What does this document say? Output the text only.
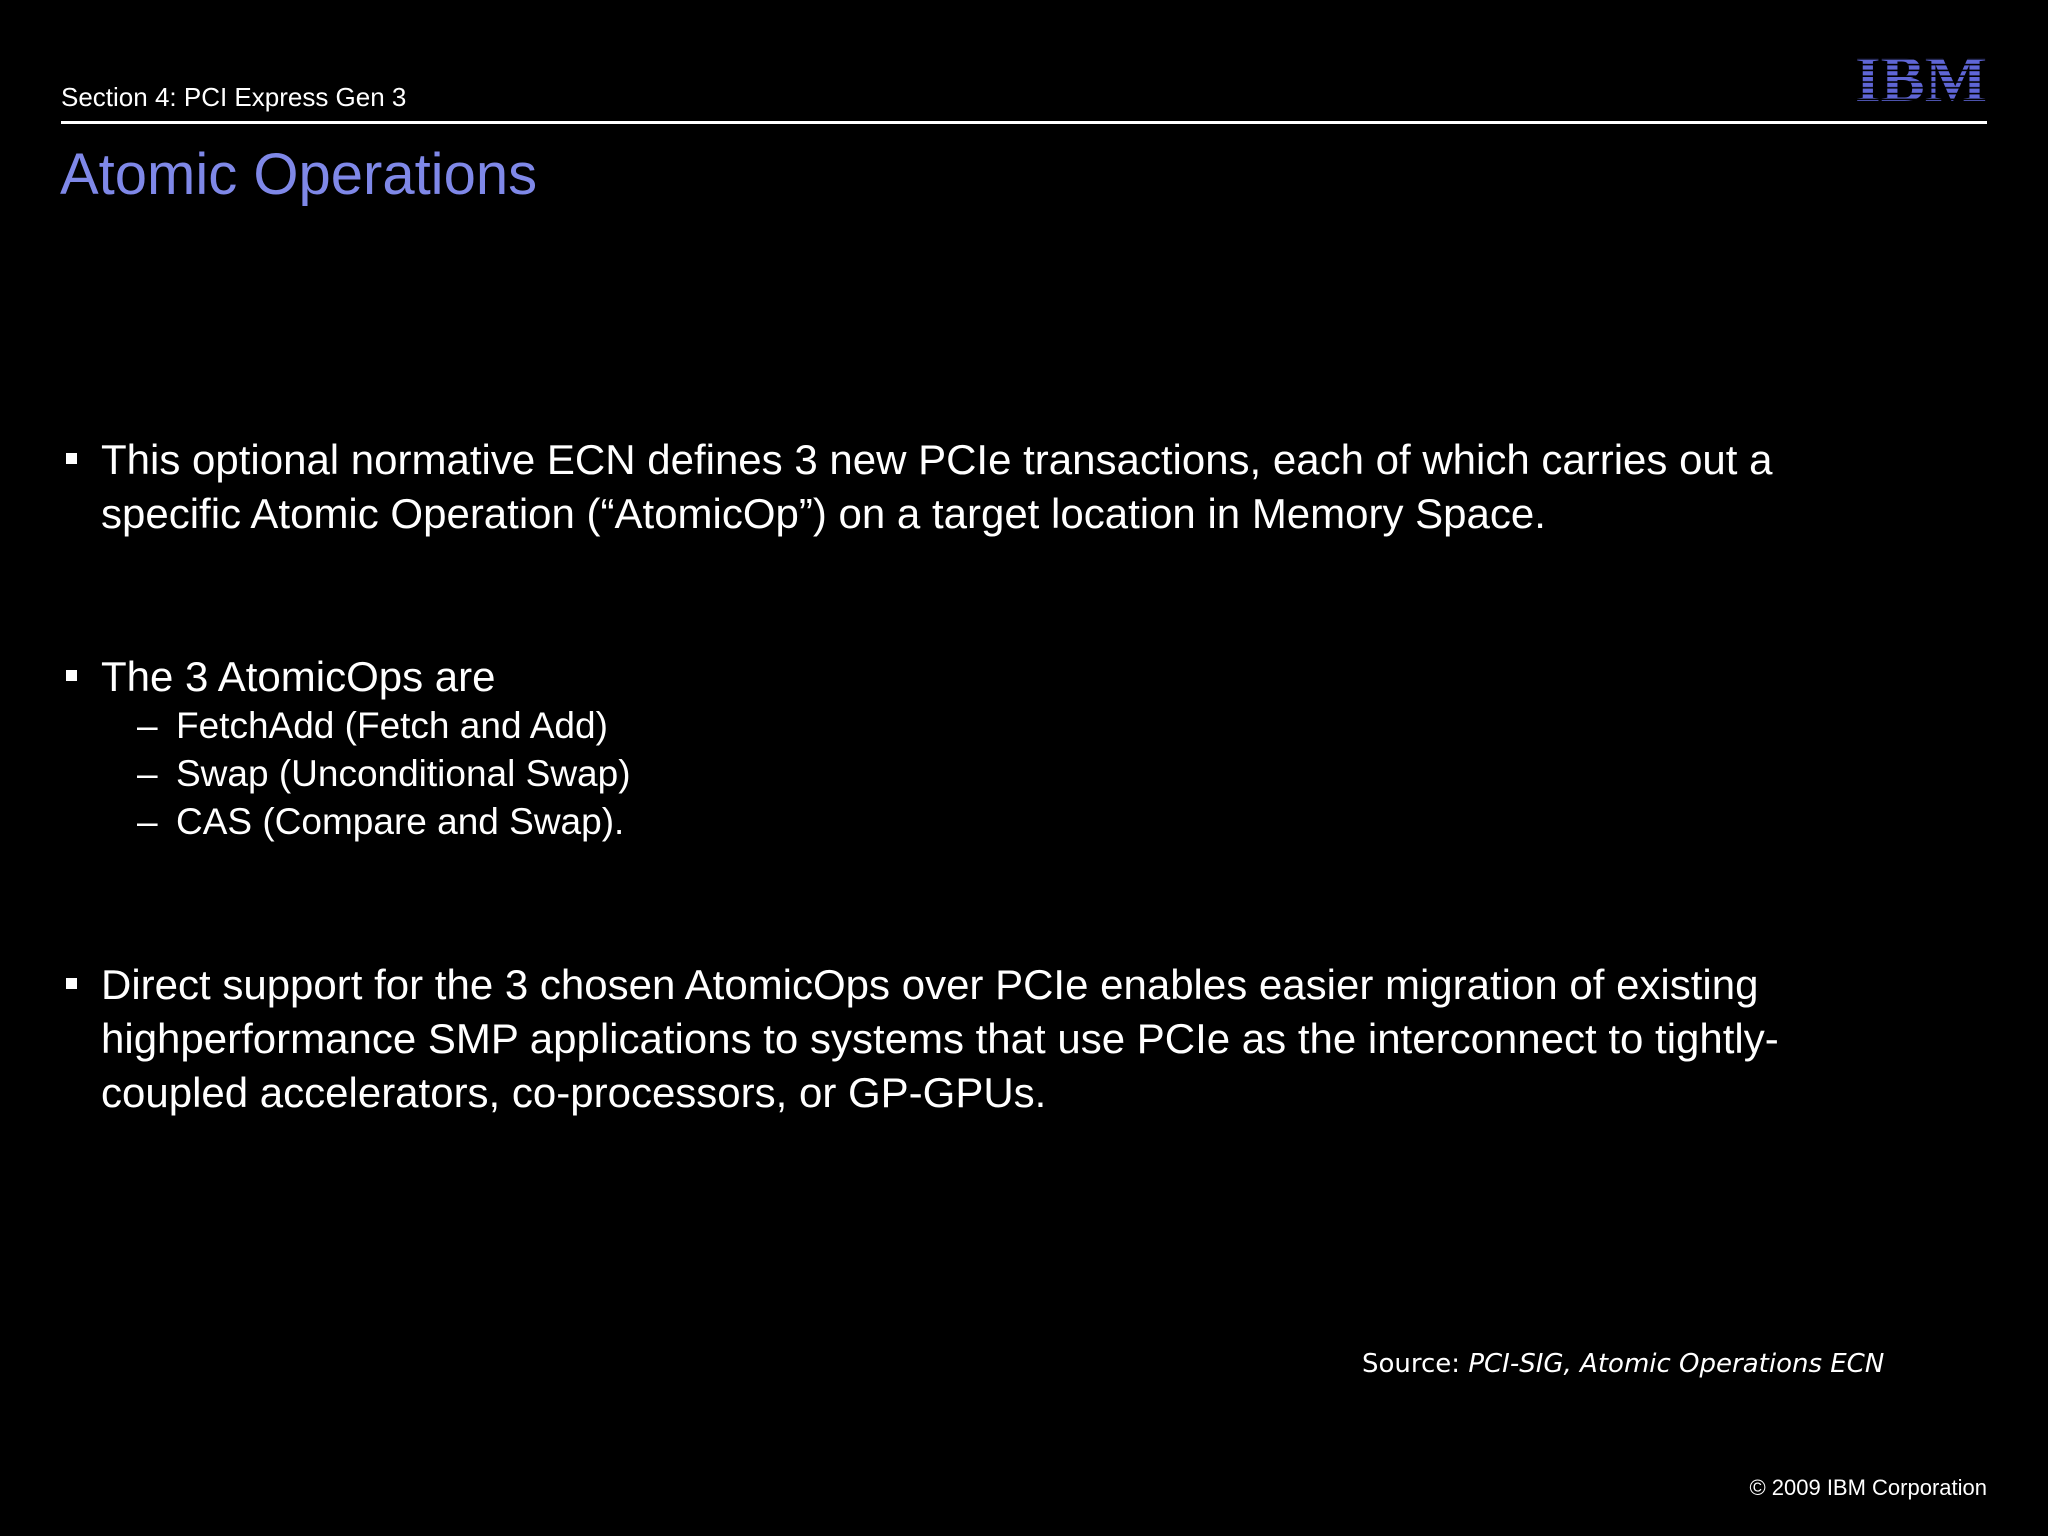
Section 4: PCI Express Gen 3	IBM
Atomic Operations
This optional normative ECN defines 3 new PCIe transactions, each of which carries out a
specific Atomic Operation (“AtomicOp”) on a target location in Memory Space.
The 3 AtomicOps are
– FetchAdd (Fetch and Add)
– Swap (Unconditional Swap)
– CAS (Compare and Swap).
Direct support for the 3 chosen AtomicOps over PCIe enables easier migration of existing
highperformance SMP applications to systems that use PCIe as the interconnect to tightly-
coupled accelerators, co-processors, or GP-GPUs.
Source: PCI-SIG, Atomic Operations ECN
© 2009 IBM Corporation
